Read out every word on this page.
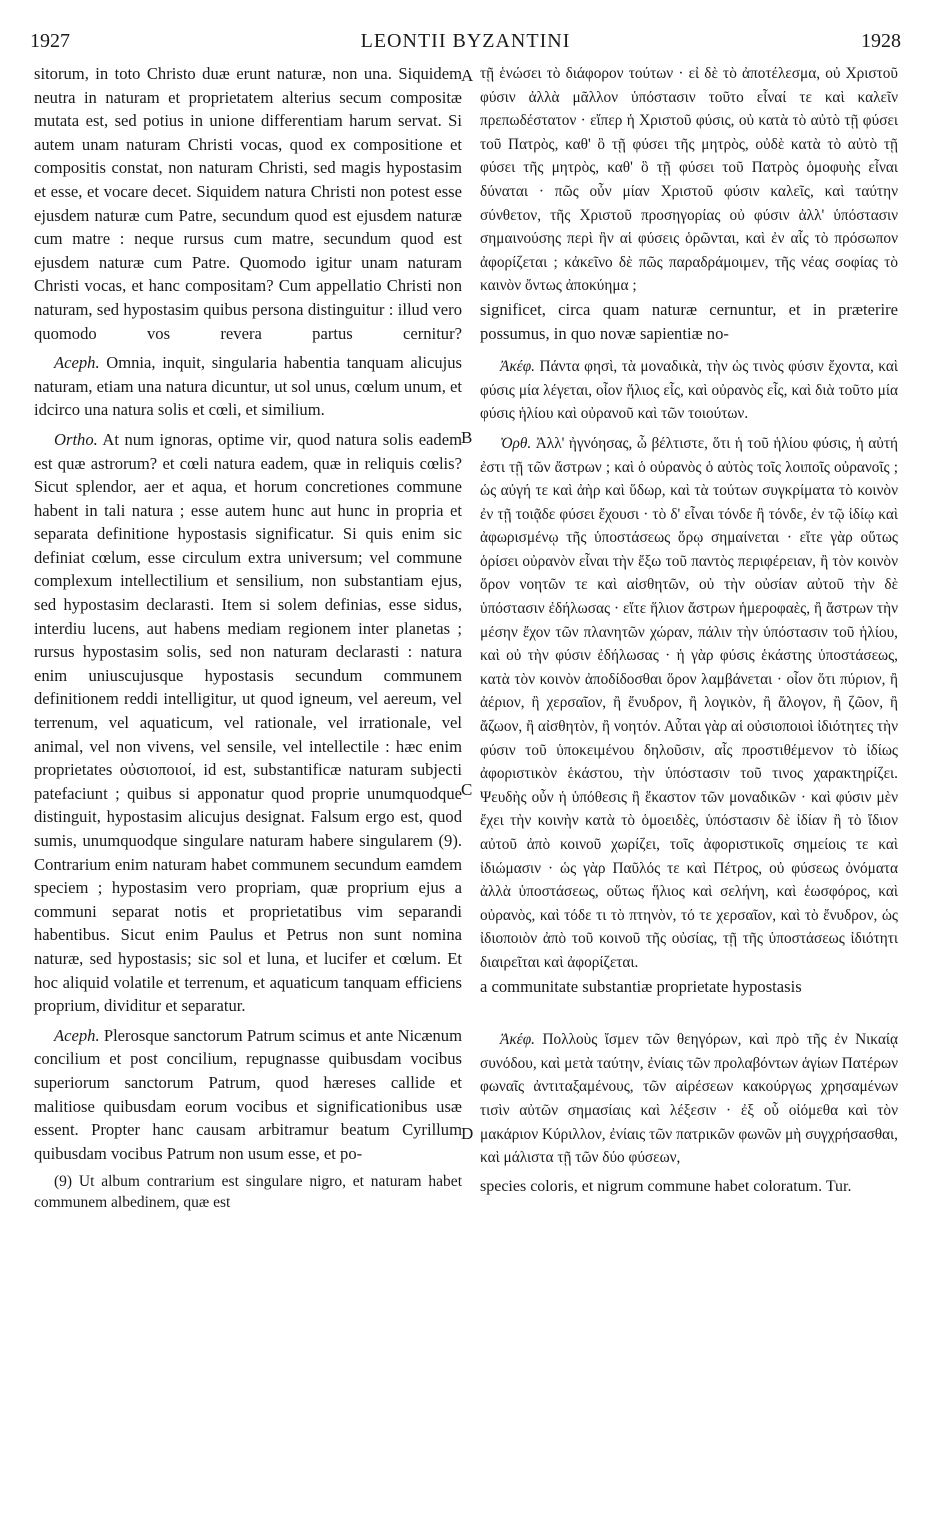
1927	LEONTII BYZANTINI	1928
A
B
C
D

sitorum, in toto Christo duæ erunt naturæ, non una. Siquidem neutra in naturam et proprietatem alterius secum compositæ mutata est, sed potius in unione differentiam harum servat. Si autem unam naturam Christi vocas, quod ex compositione et compositis constat, non naturam Christi, sed magis hypostasim et esse, et vocare decet. Siquidem natura Christi non potest esse ejusdem naturæ cum Patre, secundum quod est ejusdem naturæ cum matre : neque rursus cum matre, secundum quod est ejusdem naturæ cum Patre. Quomodo igitur unam naturam Christi vocas, et hanc compositam? Cum appellatio Christi non naturam, sed hypostasim quibus persona distinguitur : illud vero quomodo vos revera partus cernitur?

Aceph. Omnia, inquit, singularia habentia tanquam alicujus naturam, etiam una natura dicuntur, ut sol unus, cœlum unum, et idcirco una natura solis et cœli, et similium.

Ortho. At num ignoras, optime vir, quod natura solis eadem est quæ astrorum? et cœli natura eadem, quæ in reliquis cœlis? Sicut splendor, aer et aqua, et horum concretiones commune habent in tali natura ; esse autem hunc aut hunc in propria et separata definitione hypostasis significatur. Si quis enim sic definiat cœlum, esse circulum extra universum; vel commune complexum intellectilium et sensilium, non substantiam ejus, sed hypostasim declarasti. Item si solem definias, esse sidus, interdiu lucens, aut habens mediam regionem inter planetas ; rursus hypostasim solis, sed non naturam declarasti : natura enim uniuscujusque hypostasis secundum communem definitionem reddi intelligitur, ut quod igneum, vel aereum, vel terrenum, vel aquaticum, vel rationale, vel irrationale, vel animal, vel non vivens, vel sensile, vel intellectile : hæc enim proprietates οὐσιοποιοί, id est, substantificæ naturam subjecti patefaciunt ; quibus si apponatur quod proprie unumquodque distinguit, hypostasim alicujus designat. Falsum ergo est, quod sumis, unumquodque singulare naturam habere singularem (9). Contrarium enim naturam habet communem secundum eamdem speciem ; hypostasim vero propriam, quæ proprium ejus a communi separat notis et proprietatibus vim separandi habentibus. Sicut enim Paulus et Petrus non sunt nomina naturæ, sed hypostasis; sic sol et luna, et lucifer et cœlum. Et hoc aliquid volatile et terrenum, et aquaticum tanquam efficiens proprium, dividitur et separatur.

Aceph. Plerosque sanctorum Patrum scimus et ante Nicænum concilium et post concilium, repugnasse quibusdam vocibus superiorum sanctorum Patrum, quod hæreses callide et malitiose quibusdam eorum vocibus et significationibus usæ essent. Propter hanc causam arbitramur beatum Cyrillum quibusdam vocibus Patrum non usum esse, et po-

(9) Ut album contrarium est singulare nigro, et naturam habet communem albedinem, quæ est

τῇ ἑνώσει τὸ διάφορον τούτων · εἰ δὲ τὸ ἀποτέλεσμα, οὐ Χριστοῦ φύσιν ἀλλὰ μᾶλλον ὑπόστασιν τοῦτο εἶναί τε καὶ καλεῖν πρεπωδέστατον · εἴπερ ἡ Χριστοῦ φύσις, οὐ κατὰ τὸ αὐτὸ τῇ φύσει τοῦ Πατρὸς, καθ' ὃ τῇ φύσει τῆς μητρὸς, οὐδὲ κατὰ τὸ αὐτὸ τῇ φύσει τῆς μητρὸς, καθ' ὃ τῇ φύσει τοῦ Πατρὸς ὁμοφυὴς εἶναι δύναται · πῶς οὖν μίαν Χριστοῦ φύσιν καλεῖς, καὶ ταύτην σύνθετον, τῆς Χριστοῦ προσηγορίας οὐ φύσιν ἀλλ' ὑπόστασιν σημαινούσης περὶ ἣν αἱ φύσεις ὁρῶνται, καὶ ἐν αἷς τὸ πρόσωπον ἀφορίζεται ; κἀκεῖνο δὲ πῶς παραδράμοιμεν, τῆς νέας σοφίας τὸ καινὸν ὄντως ἀποκύημα ;

significet, circa quam naturæ cernuntur, et in præterire possumus, in quo novæ sapientiæ no-

Ἀκέφ. Πάντα φησὶ, τὰ μοναδικὰ, τὴν ὡς τινὸς φύσιν ἔχοντα, καὶ φύσις μία λέγεται, οἷον ἥλιος εἷς, καὶ οὐρανὸς εἷς, καὶ διὰ τοῦτο μία φύσις ἡλίου καὶ οὐρανοῦ καὶ τῶν τοιούτων.

Ὀρθ. Ἀλλ' ἠγνόησας, ὦ βέλτιστε, ὅτι ἡ τοῦ ἡλίου φύσις, ἡ αὐτή ἐστι τῇ τῶν ἄστρων ; καὶ ὁ οὐρανὸς ὁ αὐτὸς τοῖς λοιποῖς οὐρανοῖς ; ὡς αὐγή τε καὶ ἀὴρ καὶ ὕδωρ, καὶ τὰ τούτων συγκρίματα τὸ κοινὸν ἐν τῇ τοιᾷδε φύσει ἔχουσι · τὸ δ' εἶναι τόνδε ἢ τόνδε, ἐν τῷ ἰδίῳ καὶ ἀφωρισμένῳ τῆς ὑποστάσεως ὅρῳ σημαίνεται · εἴτε γὰρ οὕτως ὁρίσει οὐρανὸν εἶναι τὴν ἔξω τοῦ παντὸς περιφέρειαν, ἢ τὸν κοινὸν ὅρον νοητῶν τε καὶ αἰσθητῶν, οὐ τὴν οὐσίαν αὐτοῦ τὴν δὲ ὑπόστασιν ἐδήλωσας · εἴτε ἥλιον ἄστρων ἡμεροφαὲς, ἢ ἄστρων τὴν μέσην ἔχον τῶν πλανητῶν χώραν, πάλιν τὴν ὑπόστασιν τοῦ ἡλίου, καὶ οὐ τὴν φύσιν ἐδήλωσας · ἡ γὰρ φύσις ἑκάστης ὑποστάσεως, κατὰ τὸν κοινὸν ἀποδίδοσθαι ὅρον λαμβάνεται · οἷον ὅτι πύριον, ἢ ἀέριον, ἢ χερσαῖον, ἢ ἔνυδρον, ἢ λογικὸν, ἢ ἄλογον, ἢ ζῶον, ἢ ἄζωον, ἢ αἰσθητὸν, ἢ νοητόν. Αὗται γὰρ αἱ οὐσιοποιοὶ ἰδιότητες τὴν φύσιν τοῦ ὑποκειμένου δηλοῦσιν, αἷς προστιθέμενον τὸ ἰδίως ἀφοριστικὸν ἑκάστου, τὴν ὑπόστασιν τοῦ τινος χαρακτηρίζει. Ψευδὴς οὖν ἡ ὑπόθεσις ἢ ἕκαστον τῶν μοναδικῶν · καὶ φύσιν μὲν ἔχει τὴν κοινὴν κατὰ τὸ ὁμοειδὲς, ὑπόστασιν δὲ ἰδίαν ἢ τὸ ἴδιον αὐτοῦ ἀπὸ κοινοῦ χωρίζει, τοῖς ἀφοριστικοῖς σημείοις τε καὶ ἰδιώμασιν · ὡς γὰρ Παῦλός τε καὶ Πέτρος, οὐ φύσεως ὀνόματα ἀλλὰ ὑποστάσεως, οὕτως ἥλιος καὶ σελήνη, καὶ ἑωσφόρος, καὶ οὐρανὸς, καὶ τόδε τι τὸ πτηνὸν, τό τε χερσαῖον, καὶ τὸ ἔνυδρον, ὡς ἰδιοποιὸν ἀπὸ τοῦ κοινοῦ τῆς οὐσίας, τῇ τῆς ὑποστάσεως ἰδιότητι διαιρεῖται καὶ ἀφορίζεται.

a communitate substantiæ proprietate hypostasis

Ἀκέφ. Πολλοὺς ἴσμεν τῶν θεηγόρων, καὶ πρὸ τῆς ἐν Νικαίᾳ συνόδου, καὶ μετὰ ταύτην, ἐνίαις τῶν προλαβόντων ἁγίων Πατέρων φωναῖς ἀντιταξαμένους, τῶν αἱρέσεων κακούργως χρησαμένων τισὶν αὐτῶν σημασίαις καὶ λέξεσιν · ἐξ οὗ οἰόμεθα καὶ τὸν μακάριον Κύριλλον, ἐνίαις τῶν πατρικῶν φωνῶν μὴ συγχρήσασθαι, καὶ μάλιστα τῇ τῶν δύο φύσεων,

species coloris, et nigrum commune habet coloratum. Tur.
